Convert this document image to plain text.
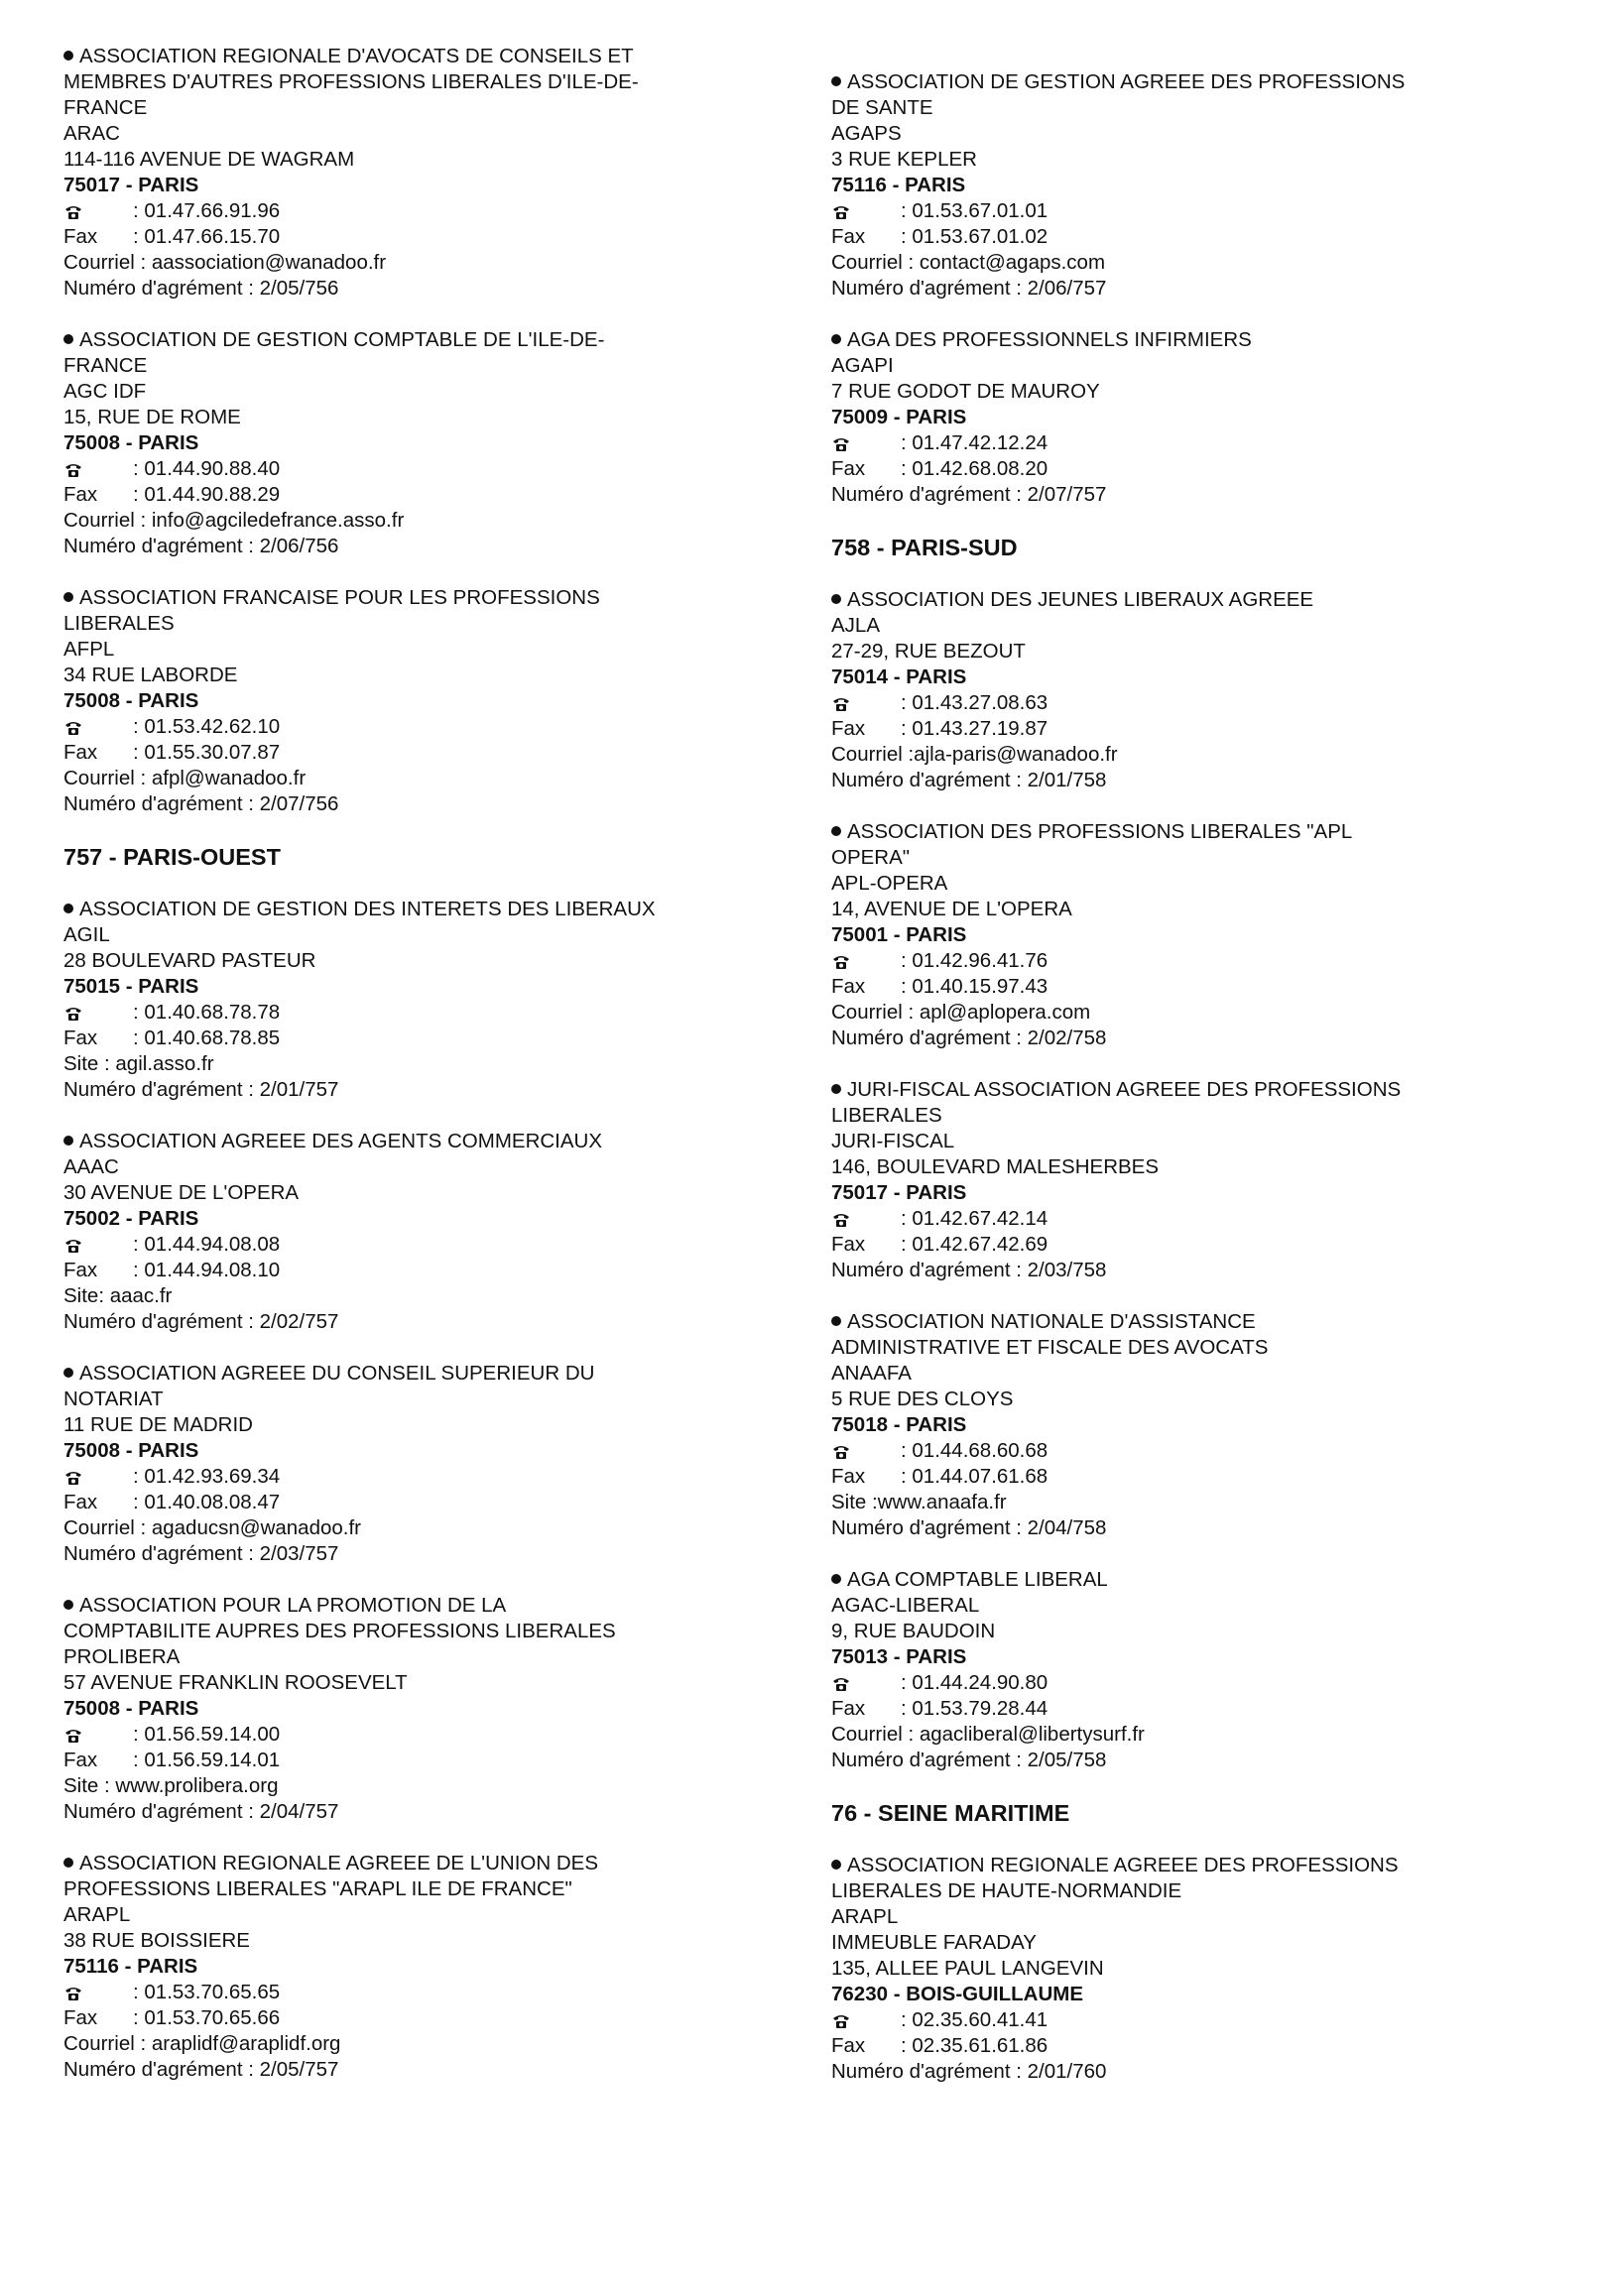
ASSOCIATION REGIONALE D'AVOCATS DE CONSEILS ET
MEMBRES D'AUTRES PROFESSIONS LIBERALES D'ILE-DE-
FRANCE
ARAC
114-116 AVENUE DE WAGRAM
75017 - PARIS
: 01.47.66.91.96
Fax	: 01.47.66.15.70
Courriel : aassociation@wanadoo.fr
Numéro d'agrément : 2/05/756
ASSOCIATION DE GESTION COMPTABLE DE L'ILE-DE-
FRANCE
AGC IDF
15, RUE DE ROME
75008 - PARIS
: 01.44.90.88.40
Fax	: 01.44.90.88.29
Courriel : info@agciledefrance.asso.fr
Numéro d'agrément : 2/06/756
ASSOCIATION FRANCAISE POUR LES PROFESSIONS
LIBERALES
AFPL
34 RUE LABORDE
75008 - PARIS
: 01.53.42.62.10
Fax	: 01.55.30.07.87
Courriel : afpl@wanadoo.fr
Numéro d'agrément : 2/07/756
757 - PARIS-OUEST
ASSOCIATION DE GESTION DES INTERETS DES LIBERAUX
AGIL
28 BOULEVARD PASTEUR
75015 - PARIS
: 01.40.68.78.78
Fax	: 01.40.68.78.85
Site : agil.asso.fr
Numéro d'agrément : 2/01/757
ASSOCIATION AGREEE DES AGENTS COMMERCIAUX
AAAC
30 AVENUE DE L'OPERA
75002 - PARIS
: 01.44.94.08.08
Fax	: 01.44.94.08.10
Site: aaac.fr
Numéro d'agrément : 2/02/757
ASSOCIATION AGREEE DU CONSEIL SUPERIEUR DU
NOTARIAT
11 RUE DE MADRID
75008 - PARIS
: 01.42.93.69.34
Fax	: 01.40.08.08.47
Courriel : agaducsn@wanadoo.fr
Numéro d'agrément : 2/03/757
ASSOCIATION POUR LA PROMOTION DE LA
COMPTABILITE AUPRES DES PROFESSIONS LIBERALES
PROLIBERA
57 AVENUE FRANKLIN ROOSEVELT
75008 - PARIS
: 01.56.59.14.00
Fax	: 01.56.59.14.01
Site : www.prolibera.org
Numéro d'agrément : 2/04/757
ASSOCIATION REGIONALE AGREEE DE L'UNION DES
PROFESSIONS LIBERALES "ARAPL ILE DE FRANCE"
ARAPL
38 RUE BOISSIERE
75116 - PARIS
: 01.53.70.65.65
Fax	: 01.53.70.65.66
Courriel : araplidf@araplidf.org
Numéro d'agrément : 2/05/757
ASSOCIATION DE GESTION AGREEE DES PROFESSIONS
DE SANTE
AGAPS
3 RUE KEPLER
75116 - PARIS
: 01.53.67.01.01
Fax	: 01.53.67.01.02
Courriel : contact@agaps.com
Numéro d'agrément : 2/06/757
AGA DES PROFESSIONNELS INFIRMIERS
AGAPI
7 RUE GODOT DE MAUROY
75009 - PARIS
: 01.47.42.12.24
Fax	: 01.42.68.08.20
Numéro d'agrément : 2/07/757
758 - PARIS-SUD
ASSOCIATION DES JEUNES LIBERAUX AGREEE
AJLA
27-29, RUE BEZOUT
75014 - PARIS
: 01.43.27.08.63
Fax	: 01.43.27.19.87
Courriel :ajla-paris@wanadoo.fr
Numéro d'agrément : 2/01/758
ASSOCIATION DES PROFESSIONS LIBERALES "APL
OPERA"
APL-OPERA
14, AVENUE DE L'OPERA
75001 - PARIS
: 01.42.96.41.76
Fax	: 01.40.15.97.43
Courriel : apl@aplopera.com
Numéro d'agrément : 2/02/758
JURI-FISCAL ASSOCIATION AGREEE DES PROFESSIONS
LIBERALES
JURI-FISCAL
146, BOULEVARD MALESHERBES
75017 - PARIS
: 01.42.67.42.14
Fax	: 01.42.67.42.69
Numéro d'agrément : 2/03/758
ASSOCIATION NATIONALE D'ASSISTANCE
ADMINISTRATIVE ET FISCALE DES AVOCATS
ANAAFA
5 RUE DES CLOYS
75018 - PARIS
: 01.44.68.60.68
Fax	: 01.44.07.61.68
Site :www.anaafa.fr
Numéro d'agrément : 2/04/758
AGA COMPTABLE LIBERAL
AGAC-LIBERAL
9, RUE BAUDOIN
75013 - PARIS
: 01.44.24.90.80
Fax	: 01.53.79.28.44
Courriel : agacliberal@libertysurf.fr
Numéro d'agrément : 2/05/758
76 - SEINE MARITIME
ASSOCIATION REGIONALE AGREEE DES PROFESSIONS
LIBERALES DE HAUTE-NORMANDIE
ARAPL
IMMEUBLE FARADAY
135, ALLEE PAUL LANGEVIN
76230 - BOIS-GUILLAUME
: 02.35.60.41.41
Fax	: 02.35.61.61.86
Numéro d'agrément : 2/01/760
